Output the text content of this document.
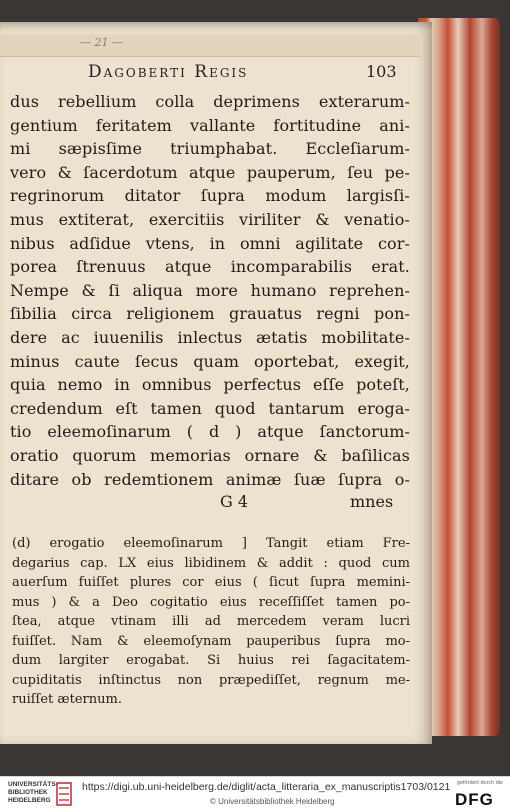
— 21 —
Dagoberti Regis	103
dus rebellium colla deprimens exterarum-
gentium feritatem vallante fortitudine ani-
mi sæpisſime triumphabat. Eccleſiarum-
vero & ſacerdotum atque pauperum, ſeu pe-
regrinorum ditator ſupra modum largisſi-
mus extiterat, exercitiis viriliter & venatio-
nibus adſidue vtens, in omni agilitate cor-
porea ſtrenuus atque incomparabilis erat.
Nempe & ſi aliqua more humano reprehen-
ſibilia circa religionem grauatus regni pon-
dere ac iuuenilis inlectus ætatis mobilitate-
minus caute ſecus quam oportebat, exegit,
quia nemo in omnibus perfectus eſſe poteſt,
credendum eſt tamen quod tantarum eroga-
tio eleemoſinarum ( d ) atque ſanctorum-
oratio quorum memorias ornare & baſilicas
ditare ob redemtionem animæ ſuæ ſupra o-
G 4	mnes
(d) erogatio eleemoſinarum ] Tangit etiam Fre-
degarius cap. LX eius libidinem & addit : quod cum
auerſum fuiſſet plures cor eius ( ſicut ſupra memini-
mus ) & a Deo cogitatio eius receſſiſſet tamen po-
ſtea, atque vtinam illi ad mercedem veram lucri
fuiſſet. Nam & eleemoſynam pauperibus ſupra mo-
dum largiter erogabat. Si huius rei ſagacitatem-
cupiditatis inſtinctus non præpediſſet, regnum me-
ruiſſet æternum.
UNIVERSITÄTS-BIBLIOTHEK HEIDELBERG
https://digi.ub.uni-heidelberg.de/diglit/acta_litteraria_ex_manuscriptis1703/0121
© Universitätsbibliothek Heidelberg
gefördert durch die
DFG
